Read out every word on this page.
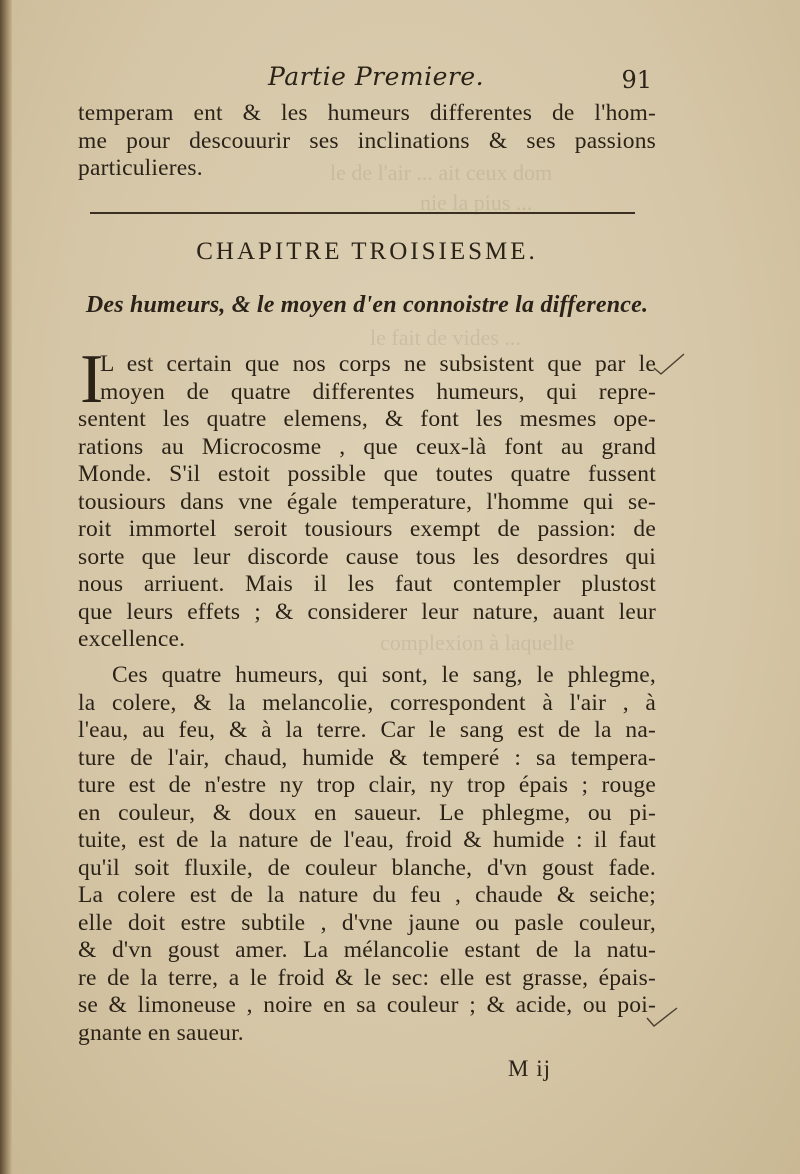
le de l'air ... ait ceux dom
nie la pius ...
le fait de vides ...
complexion à laquelle
Partie Premiere.	91
temperam ent & les humeurs differentes de l'hom-
me pour descouurir ses inclinations & ses passions
particulieres.
CHAPITRE TROISIESME.
Des humeurs, & le moyen d'en connoistre la difference.
I
L est certain que nos corps ne subsistent que par le
moyen de quatre differentes humeurs, qui repre-
sentent les quatre elemens, & font les mesmes ope-
rations au Microcosme , que ceux-là font au grand
Monde. S'il estoit possible que toutes quatre fussent
tousiours dans vne égale temperature, l'homme qui se-
roit immortel seroit tousiours exempt de passion: de
sorte que leur discorde cause tous les desordres qui
nous arriuent. Mais il les faut contempler plustost
que leurs effets ; & considerer leur nature, auant leur
excellence.
Ces quatre humeurs, qui sont, le sang, le phlegme,
la colere, & la melancolie, correspondent à l'air , à
l'eau, au feu, & à la terre. Car le sang est de la na-
ture de l'air, chaud, humide & temperé : sa tempera-
ture est de n'estre ny trop clair, ny trop épais ; rouge
en couleur, & doux en saueur. Le phlegme, ou pi-
tuite, est de la nature de l'eau, froid & humide : il faut
qu'il soit fluxile, de couleur blanche, d'vn goust fade.
La colere est de la nature du feu , chaude & seiche;
elle doit estre subtile , d'vne jaune ou pasle couleur,
& d'vn goust amer. La mélancolie estant de la natu-
re de la terre, a le froid & le sec: elle est grasse, épais-
se & limoneuse , noire en sa couleur ; & acide, ou poi-
gnante en saueur.
M ij
